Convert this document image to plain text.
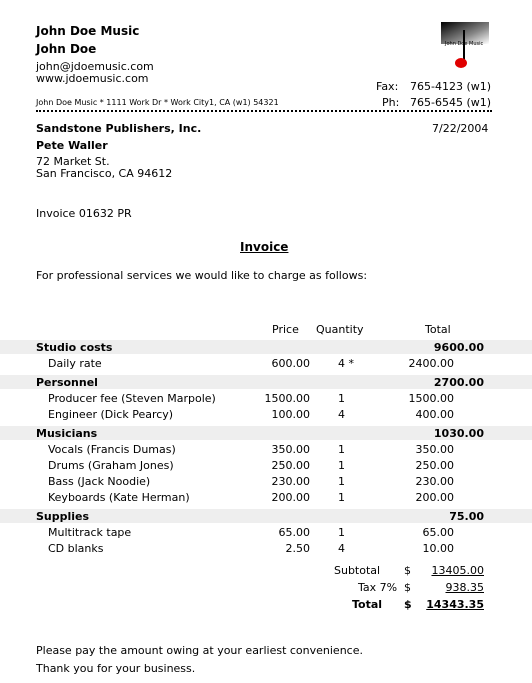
John Doe Music
John Doe
john@jdoemusic.com
www.jdoemusic.com
John Doe Music
Fax: 765-4123 (w1)
John Doe Music * 1111 Work Dr * Work City1, CA (w1) 54321	Ph: 765-6545 (w1)
Sandstone Publishers, Inc.	7/22/2004
Pete Waller
72 Market St.
San Francisco, CA 94612
Invoice 01632 PR
Invoice
For professional services we would like to charge as follows:
Price Quantity	Total
Studio costs	9600.00
Daily rate	600.00	4 *	2400.00
Personnel	2700.00
Producer fee (Steven Marpole)	1500.00	1	1500.00
Engineer (Dick Pearcy)	100.00	4	400.00
Musicians	1030.00
Vocals (Francis Dumas)	350.00	1	350.00
Drums (Graham Jones)	250.00	1	250.00
Bass (Jack Noodie)	230.00	1	230.00
Keyboards (Kate Herman)	200.00	1	200.00
Supplies	75.00
Multitrack tape	65.00	1	65.00
CD blanks	2.50	4	10.00
Subtotal $ 13405.00
Tax 7% $	938.35
Total $ 14343.35
Please pay the amount owing at your earliest convenience.
Thank you for your business.
